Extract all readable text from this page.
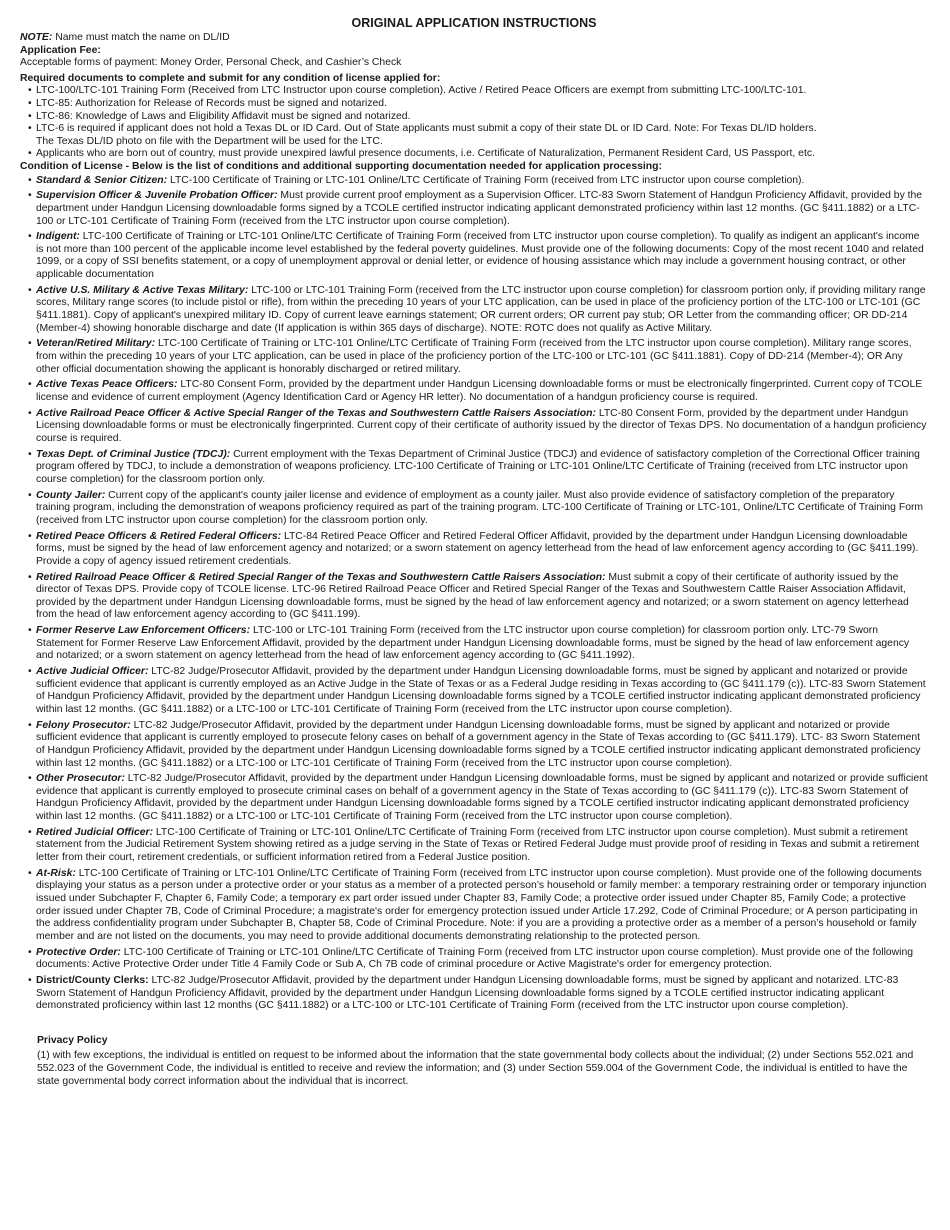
ORIGINAL APPLICATION INSTRUCTIONS

NOTE: Name must match the name on DL/ID

Application Fee:

Acceptable forms of payment: Money Order, Personal Check, and Cashier’s Check

Required documents to complete and submit for any condition of license applied for:

• LTC-100/LTC-101 Training Form (Received from LTC Instructor upon course completion). Active / Retired Peace Officers are exempt from submitting LTC-100/LTC-101.
• LTC-85: Authorization for Release of Records must be signed and notarized.
• LTC-86: Knowledge of Laws and Eligibility Affidavit must be signed and notarized.
• LTC-6 is required if applicant does not hold a Texas DL or ID Card. Out of State applicants must submit a copy of their state DL or ID Card. Note: For Texas DL/ID holders.
The Texas DL/ID photo on file with the Department will be used for the LTC.
• Applicants who are born out of country, must provide unexpired lawful presence documents, i.e. Certificate of Naturalization, Permanent Resident Card, US Passport, etc.

Condition of License - Below is the list of conditions and additional supporting documentation needed for application processing:

• Standard & Senior Citizen: LTC-100 Certificate of Training or LTC-101 Online/LTC Certificate of Training Form (received from LTC instructor upon course completion).
• Supervision Officer & Juvenile Probation Officer: Must provide current proof employment as a Supervision Officer. LTC-83 Sworn Statement of Handgun Proficiency Affidavit, provided by the department under Handgun Licensing downloadable forms signed by a TCOLE certified instructor indicating applicant demonstrated proficiency within last 12 months. (GC §411.1882) or a LTC-100 or LTC-101 Certificate of Training Form (received from the LTC instructor upon course completion).
• Indigent: LTC-100 Certificate of Training or LTC-101 Online/LTC Certificate of Training Form (received from LTC instructor upon course completion). To qualify as indigent an applicant's income is not more than 100 percent of the applicable income level established by the federal poverty guidelines. Must provide one of the following documents: Copy of the most recent 1040 and related 1099, or a copy of SSI benefits statement, or a copy of unemployment approval or denial letter, or evidence of housing assistance which may include a government housing contract, or other applicable documentation
• Active U.S. Military & Active Texas Military: LTC-100 or LTC-101 Training Form (received from the LTC instructor upon course completion) for classroom portion only, if providing military range scores, Military range scores (to include pistol or rifle), from within the preceding 10 years of your LTC application, can be used in place of the proficiency portion of the LTC-100 or LTC-101 (GC §411.1881). Copy of applicant's unexpired military ID. Copy of current leave earnings statement; OR current orders; OR current pay stub; OR Letter from the commanding officer; OR DD-214 (Member-4) showing honorable discharge and date (If application is within 365 days of discharge). NOTE: ROTC does not qualify as Active Military.
• Veteran/Retired Military: LTC-100 Certificate of Training or LTC-101 Online/LTC Certificate of Training Form (received from the LTC instructor upon course completion). Military range scores, from within the preceding 10 years of your LTC application, can be used in place of the proficiency portion of the LTC-100 or LTC-101 (GC §411.1881). Copy of DD-214 (Member-4); OR Any other official documentation showing the applicant is honorably discharged or retired military.
• Active Texas Peace Officers: LTC-80 Consent Form, provided by the department under Handgun Licensing downloadable forms or must be electronically fingerprinted. Current copy of TCOLE license and evidence of current employment (Agency Identification Card or Agency HR letter). No documentation of a handgun proficiency course is required.
• Active Railroad Peace Officer & Active Special Ranger of the Texas and Southwestern Cattle Raisers Association: LTC-80 Consent Form, provided by the department under Handgun Licensing downloadable forms or must be electronically fingerprinted. Current copy of their certificate of authority issued by the director of Texas DPS. No documentation of a handgun proficiency course is required.
• Texas Dept. of Criminal Justice (TDCJ): Current employment with the Texas Department of Criminal Justice (TDCJ) and evidence of satisfactory completion of the Correctional Officer training program offered by TDCJ, to include a demonstration of weapons proficiency. LTC-100 Certificate of Training or LTC-101 Online/LTC Certificate of Training (received from LTC instructor upon course completion) for the classroom portion only.
• County Jailer: Current copy of the applicant's county jailer license and evidence of employment as a county jailer. Must also provide evidence of satisfactory completion of the preparatory training program, including the demonstration of weapons proficiency required as part of the training program. LTC-100 Certificate of Training or LTC-101, Online/LTC Certificate of Training Form (received from LTC instructor upon course completion) for the classroom portion only.
• Retired Peace Officers & Retired Federal Officers: LTC-84 Retired Peace Officer and Retired Federal Officer Affidavit, provided by the department under Handgun Licensing downloadable forms, must be signed by the head of law enforcement agency and notarized; or a sworn statement on agency letterhead from the head of law enforcement agency according to (GC §411.199). Provide a copy of agency issued retirement credentials.
• Retired Railroad Peace Officer & Retired Special Ranger of the Texas and Southwestern Cattle Raisers Association: Must submit a copy of their certificate of authority issued by the director of Texas DPS. Provide copy of TCOLE license. LTC-96 Retired Railroad Peace Officer and Retired Special Ranger of the Texas and Southwestern Cattle Raiser Association Affidavit, provided by the department under Handgun Licensing downloadable forms, must be signed by the head of law enforcement agency and notarized; or a sworn statement on agency letterhead from the head of law enforcement agency according to (GC §411.199).
• Former Reserve Law Enforcement Officers: LTC-100 or LTC-101 Training Form (received from the LTC instructor upon course completion) for classroom portion only. LTC-79 Sworn Statement for Former Reserve Law Enforcement Affidavit, provided by the department under Handgun Licensing downloadable forms, must be signed by the head of law enforcement agency and notarized; or a sworn statement on agency letterhead from the head of law enforcement agency according to (GC §411.1992).
• Active Judicial Officer: LTC-82 Judge/Prosecutor Affidavit, provided by the department under Handgun Licensing downloadable forms, must be signed by applicant and notarized or provide sufficient evidence that applicant is currently employed as an Active Judge in the State of Texas or as a Federal Judge residing in Texas according to (GC §411.179 (c)). LTC-83 Sworn Statement of Handgun Proficiency Affidavit, provided by the department under Handgun Licensing downloadable forms signed by a TCOLE certified instructor indicating applicant demonstrated proficiency within last 12 months. (GC §411.1882) or a LTC-100 or LTC-101 Certificate of Training Form (received from the LTC instructor upon course completion).
• Felony Prosecutor: LTC-82 Judge/Prosecutor Affidavit, provided by the department under Handgun Licensing downloadable forms, must be signed by applicant and notarized or provide sufficient evidence that applicant is currently employed to prosecute felony cases on behalf of a government agency in the State of Texas according to (GC §411.179). LTC- 83 Sworn Statement of Handgun Proficiency Affidavit, provided by the department under Handgun Licensing downloadable forms signed by a TCOLE certified instructor indicating applicant demonstrated proficiency within last 12 months. (GC §411.1882) or a LTC-100 or LTC-101 Certificate of Training Form (received from the LTC instructor upon course completion).
• Other Prosecutor: LTC-82 Judge/Prosecutor Affidavit, provided by the department under Handgun Licensing downloadable forms, must be signed by applicant and notarized or provide sufficient evidence that applicant is currently employed to prosecute criminal cases on behalf of a government agency in the State of Texas according to (GC §411.179 (c)). LTC-83 Sworn Statement of Handgun Proficiency Affidavit, provided by the department under Handgun Licensing downloadable forms signed by a TCOLE certified instructor indicating applicant demonstrated proficiency within last 12 months. (GC §411.1882) or a LTC-100 or LTC-101 Certificate of Training Form (received from the LTC instructor upon course completion).
• Retired Judicial Officer: LTC-100 Certificate of Training or LTC-101 Online/LTC Certificate of Training Form (received from LTC instructor upon course completion). Must submit a retirement statement from the Judicial Retirement System showing retired as a judge serving in the State of Texas or Retired Federal Judge must provide proof of residing in Texas and submit a retirement letter from their court, retirement credentials, or sufficient information retired from a Federal Justice position.
• At-Risk: LTC-100 Certificate of Training or LTC-101 Online/LTC Certificate of Training Form (received from LTC instructor upon course completion). Must provide one of the following documents displaying your status as a person under a protective order or your status as a member of a protected person’s household or family member: a temporary restraining order or temporary injunction issued under Subchapter F, Chapter 6, Family Code; a temporary ex part order issued under Chapter 83, Family Code; a protective order issued under Chapter 85, Family Code; a protective order issued under Chapter 7B, Code of Criminal Procedure; a magistrate's order for emergency protection issued under Article 17.292, Code of Criminal Procedure; or A person participating in the address confidentiality program under Subchapter B, Chapter 58, Code of Criminal Procedure. Note: if you are a providing a protective order as a member of a person’s household or family member and are not listed on the documents, you may need to provide additional documents demonstrating relationship to the protected person.
• Protective Order: LTC-100 Certificate of Training or LTC-101 Online/LTC Certificate of Training Form (received from LTC instructor upon course completion). Must provide one of the following documents: Active Protective Order under Title 4 Family Code or Sub A, Ch 7B code of criminal procedure or Active Magistrate's order for emergency protection.
• District/County Clerks: LTC-82 Judge/Prosecutor Affidavit, provided by the department under Handgun Licensing downloadable forms, must be signed by applicant and notarized. LTC-83 Sworn Statement of Handgun Proficiency Affidavit, provided by the department under Handgun Licensing downloadable forms signed by a TCOLE certified instructor indicating applicant demonstrated proficiency within last 12 months (GC §411.1882) or a LTC-100 or LTC-101 Certificate of Training Form (received from the LTC instructor upon course completion).
Privacy Policy
(1) with few exceptions, the individual is entitled on request to be informed about the information that the state governmental body collects about the individual; (2) under Sections 552.021 and 552.023 of the Government Code, the individual is entitled to receive and review the information; and (3) under Section 559.004 of the Government Code, the individual is entitled to have the state governmental body correct information about the individual that is incorrect.
